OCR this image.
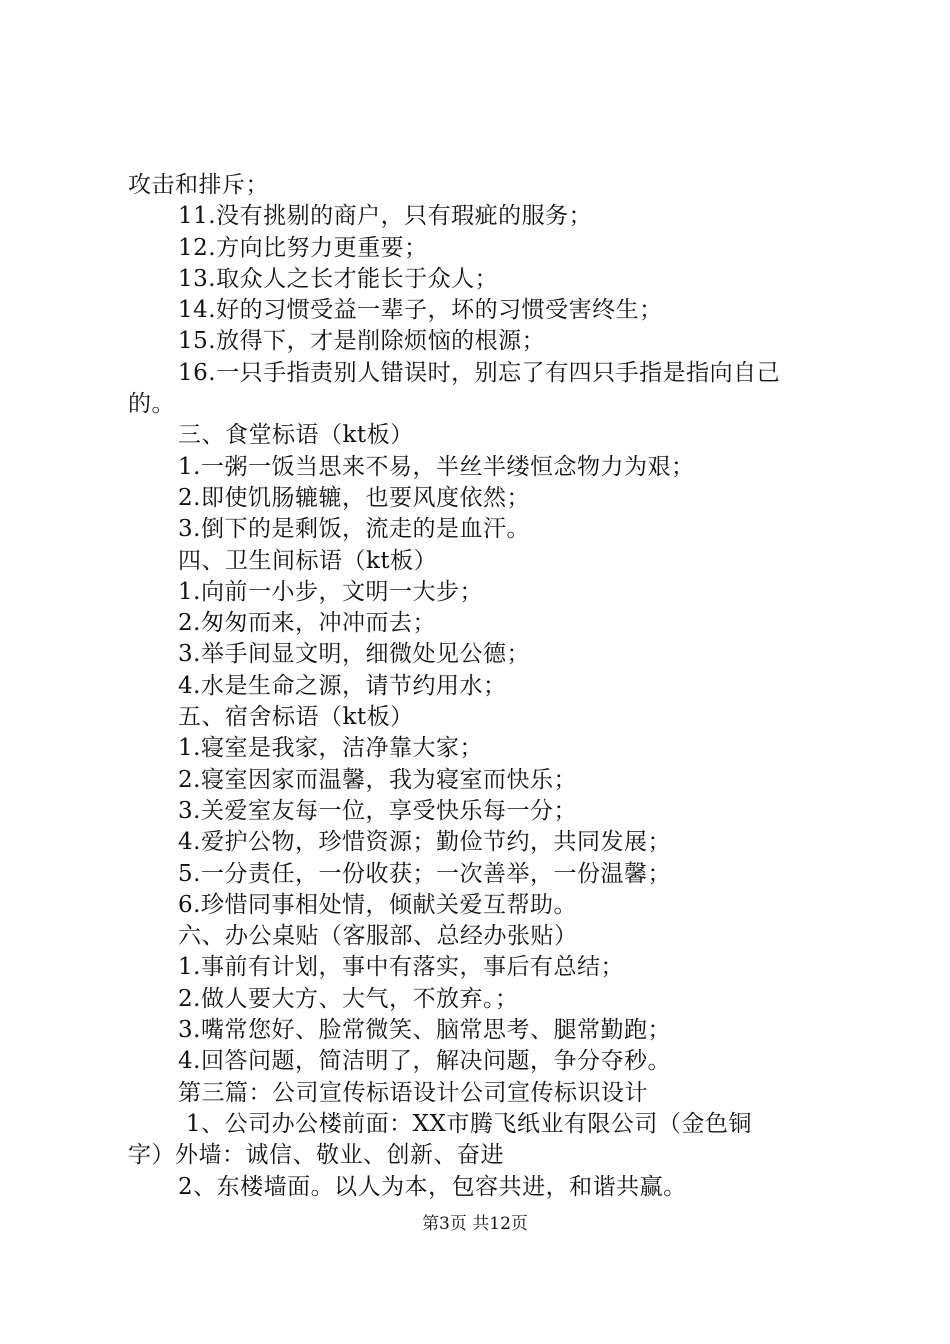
攻击和排斥；
11.没有挑剔的商户，只有瑕疵的服务；
12.方向比努力更重要；
13.取众人之长才能长于众人；
14.好的习惯受益一辈子，坏的习惯受害终生；
15.放得下，才是削除烦恼的根源；
16.一只手指责别人错误时，别忘了有四只手指是指向自己
的。
三、食堂标语（kt板）
1.一粥一饭当思来不易，半丝半缕恒念物力为艰；
2.即使饥肠辘辘，也要风度依然；
3.倒下的是剩饭，流走的是血汗。
四、卫生间标语（kt板）
1.向前一小步，文明一大步；
2.匆匆而来，冲冲而去；
3.举手间显文明，细微处见公德；
4.水是生命之源，请节约用水；
五、宿舍标语（kt板）
1.寝室是我家，洁净靠大家；
2.寝室因家而温馨，我为寝室而快乐；
3.关爱室友每一位，享受快乐每一分；
4.爱护公物，珍惜资源；勤俭节约，共同发展；
5.一分责任，一份收获；一次善举，一份温馨；
6.珍惜同事相处情，倾献关爱互帮助。
六、办公桌贴（客服部、总经办张贴）
1.事前有计划，事中有落实，事后有总结；
2.做人要大方、大气，不放弃。；
3.嘴常您好、脸常微笑、脑常思考、腿常勤跑；
4.回答问题，简洁明了，解决问题，争分夺秒。
第三篇：公司宣传标语设计公司宣传标识设计
1、公司办公楼前面：XX市腾飞纸业有限公司（金色铜
字）外墙：诚信、敬业、创新、奋进
2、东楼墙面。以人为本，包容共进，和谐共赢。
第3页 共12页
